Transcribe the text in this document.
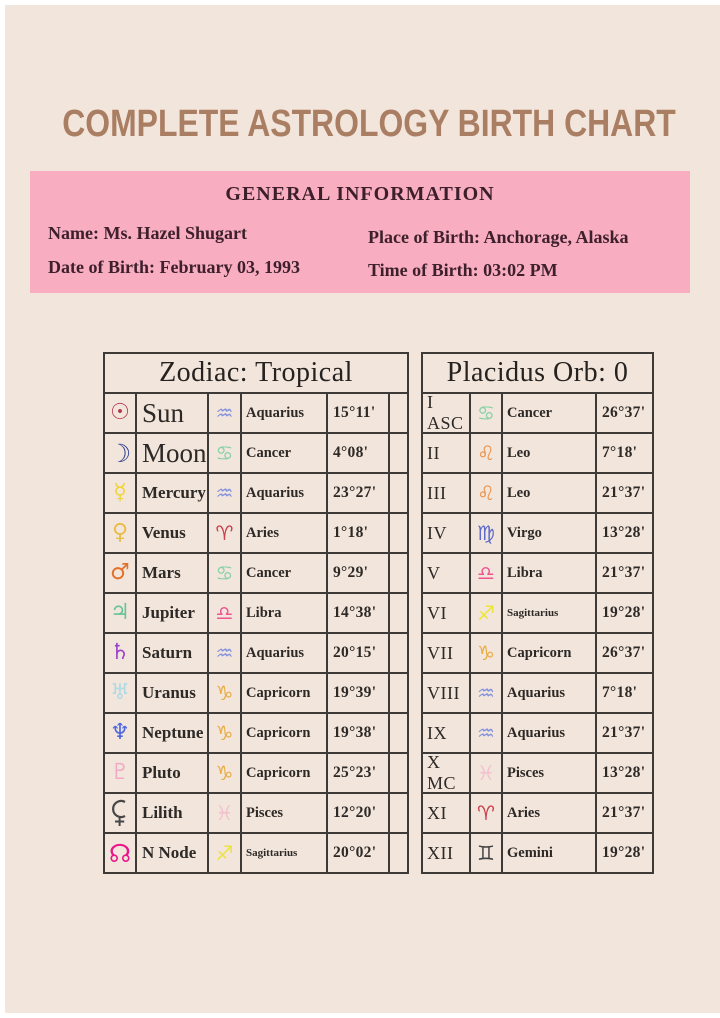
COMPLETE ASTROLOGY BIRTH CHART
GENERAL INFORMATION
Name: Ms. Hazel Shugart
Date of Birth: February 03, 1993
Place of Birth: Anchorage, Alaska
Time of Birth: 03:02 PM
Zodiac: Tropical
☉ Sun	♒ Aquarius	15°11'
☽ Moon ♋ Cancer	4°08'
☿ Mercury ♒ Aquarius	23°27'
♀ Venus	♈ Aries	1°18'
♂ Mars	♋ Cancer	9°29'
♃ Jupiter	♎ Libra	14°38'
♄ Saturn	♒ Aquarius	20°15'
♅ Uranus ♑ Capricorn	19°39'
♆ Neptune ♑ Capricorn	19°38'
♇ Pluto	♑ Capricorn	25°23'
Lilith	♓ Pisces	12°20'
☊ N Node ♐	Sagittarius	20°02'
Placidus Orb: 0
I ASC ♋ Cancer	26°37'
II	♌ Leo	7°18'
III	♌ Leo	21°37'
IV	♍ Virgo	13°28'
V	♎ Libra	21°37'
VI	♐	Sagittarius	19°28'
VII	♑ Capricorn	26°37'
VIII ♒ Aquarius	7°18'
IX	♒ Aquarius	21°37'
X MC	♓ Pisces	13°28'
XI	♈ Aries	21°37'
XII	♊ Gemini	19°28'
